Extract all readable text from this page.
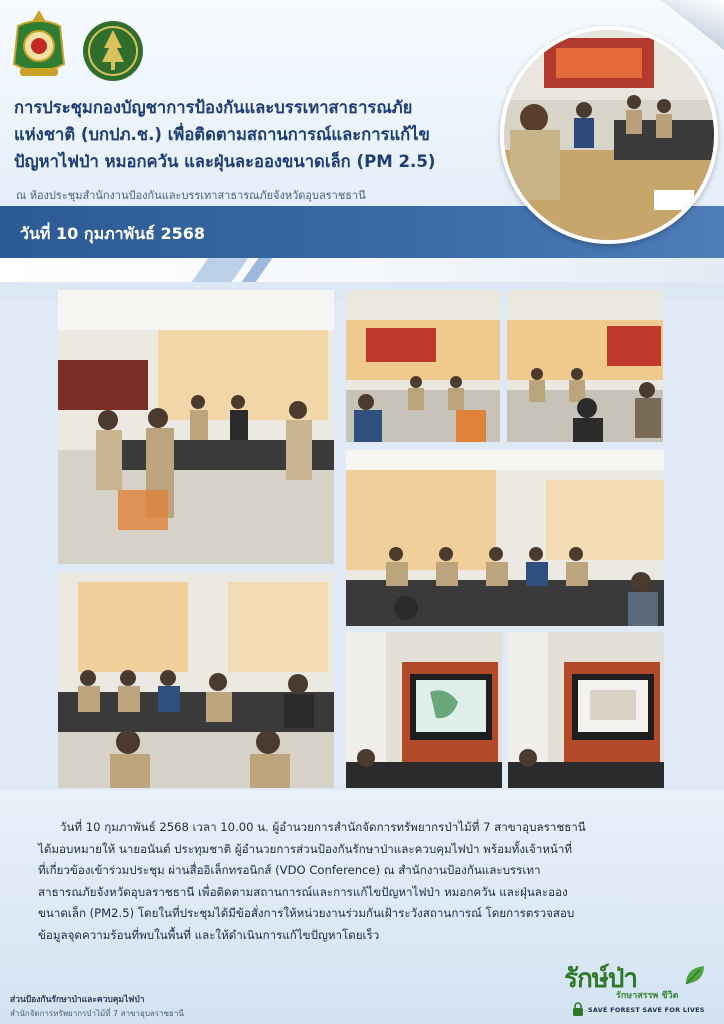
การประชุมกองบัญชาการป้องกันและบรรเทาสาธารณภัย
แห่งชาติ (บกปภ.ช.) เพื่อติดตามสถานการณ์และการแก้ไข
ปัญหาไฟป่า หมอกควัน และฝุ่นละอองขนาดเล็ก (PM 2.5)
ณ ห้องประชุมสำนักงานป้องกันและบรรเทาสาธารณภัยจังหวัดอุบลราชธานี
วันที่ 10 กุมภาพันธ์ 2568
วันที่ 10 กุมภาพันธ์ 2568 เวลา 10.00 น. ผู้อำนวยการสำนักจัดการทรัพยากรป่าไม้ที่ 7 สาขาอุบลราชธานี
ได้มอบหมายให้ นายอนันต์ ประทุมชาติ ผู้อำนวยการส่วนป้องกันรักษาป่าและควบคุมไฟป่า พร้อมทั้งเจ้าหน้าที่
ที่เกี่ยวข้องเข้าร่วมประชุม ผ่านสื่ออิเล็กทรอนิกส์ (VDO Conference) ณ สำนักงานป้องกันและบรรเทา
สาธารณภัยจังหวัดอุบลราชธานี เพื่อติดตามสถานการณ์และการแก้ไขปัญหาไฟป่า หมอกควัน และฝุ่นละออง
ขนาดเล็ก (PM2.5) โดยในที่ประชุมได้มีข้อสั่งการให้หน่วยงานร่วมกันเฝ้าระวังสถานการณ์ โดยการตรวจสอบ
ข้อมูลจุดความร้อนที่พบในพื้นที่ และให้ดำเนินการแก้ไขปัญหาโดยเร็ว
ส่วนป้องกันรักษาป่าและควบคุมไฟป่า
สำนักจัดการทรัพยากรป่าไม้ที่ 7 สาขาอุบลราชธานี
รักษ์ป่า
รักษาสรรพ ชีวิต
SAVE FOREST SAVE FOR LIVES
